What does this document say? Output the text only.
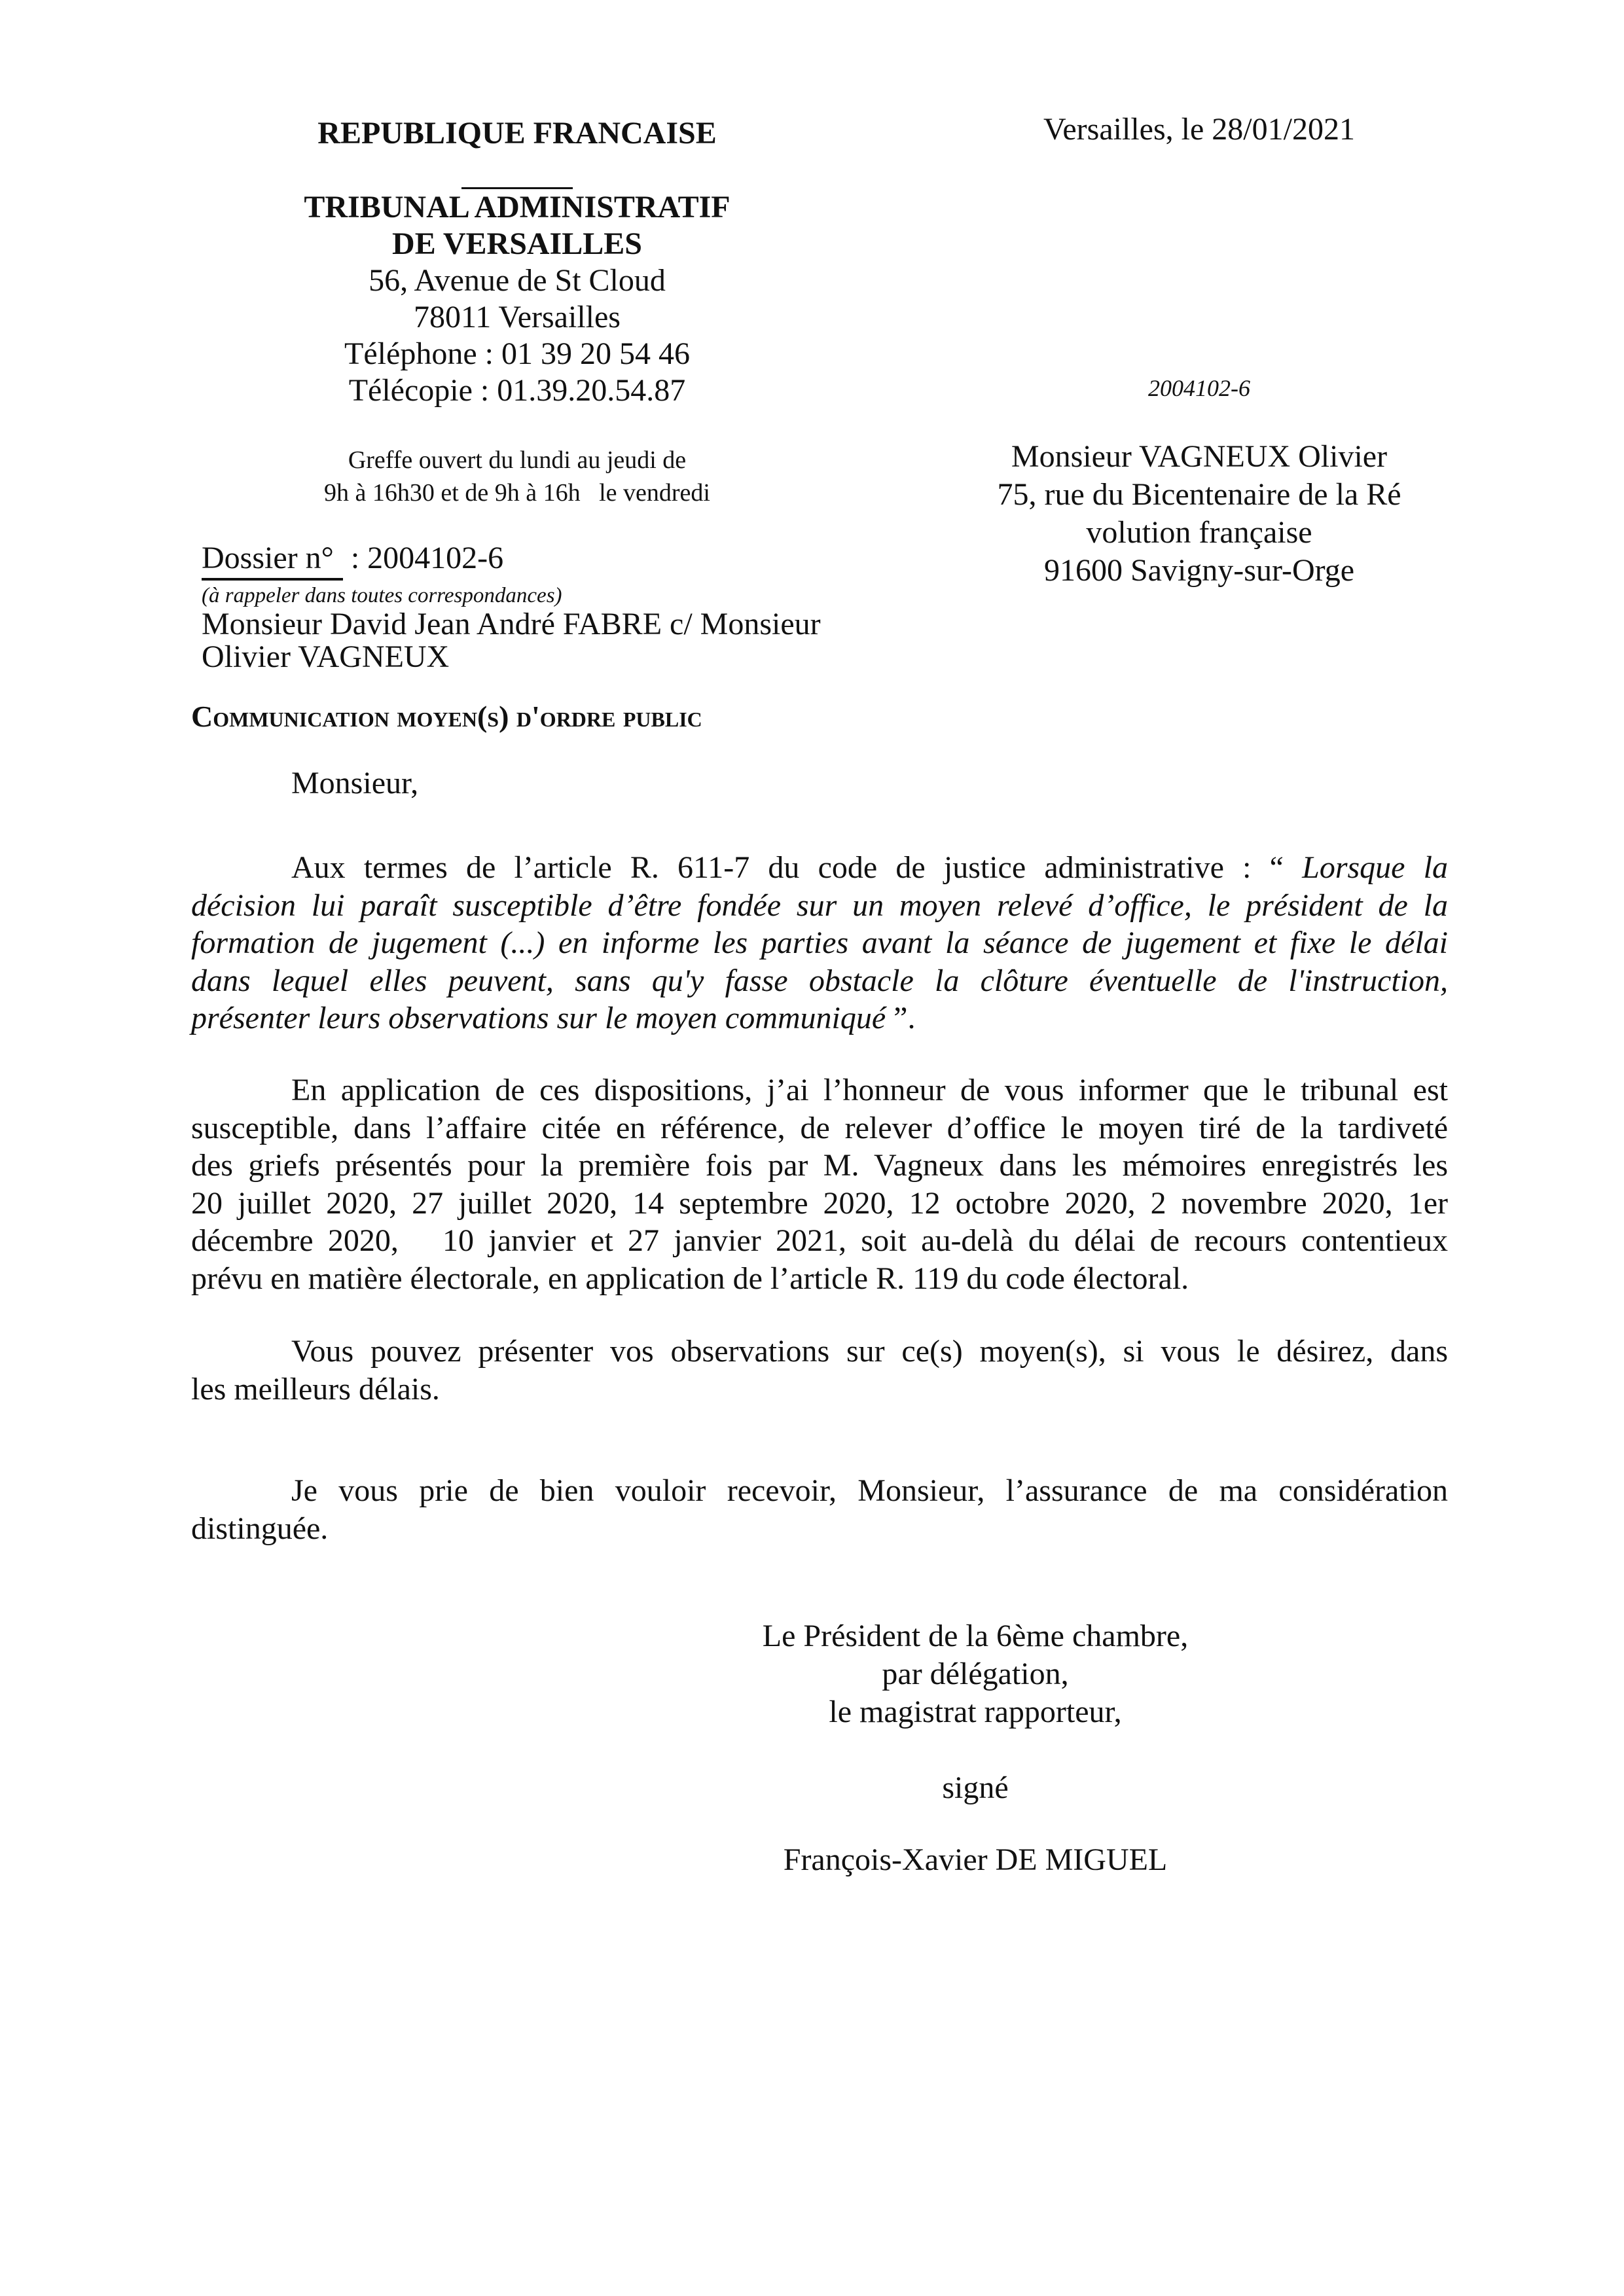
REPUBLIQUE FRANCAISE
TRIBUNAL ADMINISTRATIF
DE VERSAILLES
56, Avenue de St Cloud
78011 Versailles
Téléphone : 01 39 20 54 46
Télécopie : 01.39.20.54.87
Greffe ouvert du lundi au jeudi de
9h à 16h30 et de 9h à 16h   le vendredi
Versailles, le 28/01/2021
2004102-6
Monsieur VAGNEUX Olivier
75, rue du Bicentenaire de la Ré
volution française
91600 Savigny-sur-Orge
Dossier n° : 2004102-6
(à rappeler dans toutes correspondances)
Monsieur David Jean André FABRE c/ Monsieur
Olivier VAGNEUX
Communication moyen(s) d'ordre public
Monsieur,
Aux termes de l’article R. 611-7 du code de justice administrative : “ Lorsque la
décision lui paraît susceptible d’être fondée sur un moyen relevé d’office, le président de la
formation de jugement (...) en informe les parties avant la séance de jugement et fixe le délai
dans lequel elles peuvent, sans qu'y fasse obstacle la clôture éventuelle de l'instruction,
présenter leurs observations sur le moyen communiqué ”.
En application de ces dispositions, j’ai l’honneur de vous informer que le tribunal est
susceptible, dans l’affaire citée en référence, de relever d’office le moyen tiré de la tardiveté
des griefs présentés pour la première fois par M. Vagneux dans les mémoires enregistrés les
20 juillet 2020, 27 juillet 2020, 14 septembre 2020, 12 octobre 2020, 2 novembre 2020, 1er
décembre 2020,   10 janvier et 27 janvier 2021, soit au-delà du délai de recours contentieux
prévu en matière électorale, en application de l’article R. 119 du code électoral.
Vous pouvez présenter vos observations sur ce(s) moyen(s), si vous le désirez, dans
les meilleurs délais.
Je vous prie de bien vouloir recevoir, Monsieur, l’assurance de ma considération
distinguée.
Le Président de la 6ème chambre,
par délégation,
le magistrat rapporteur,
signé
François-Xavier DE MIGUEL
